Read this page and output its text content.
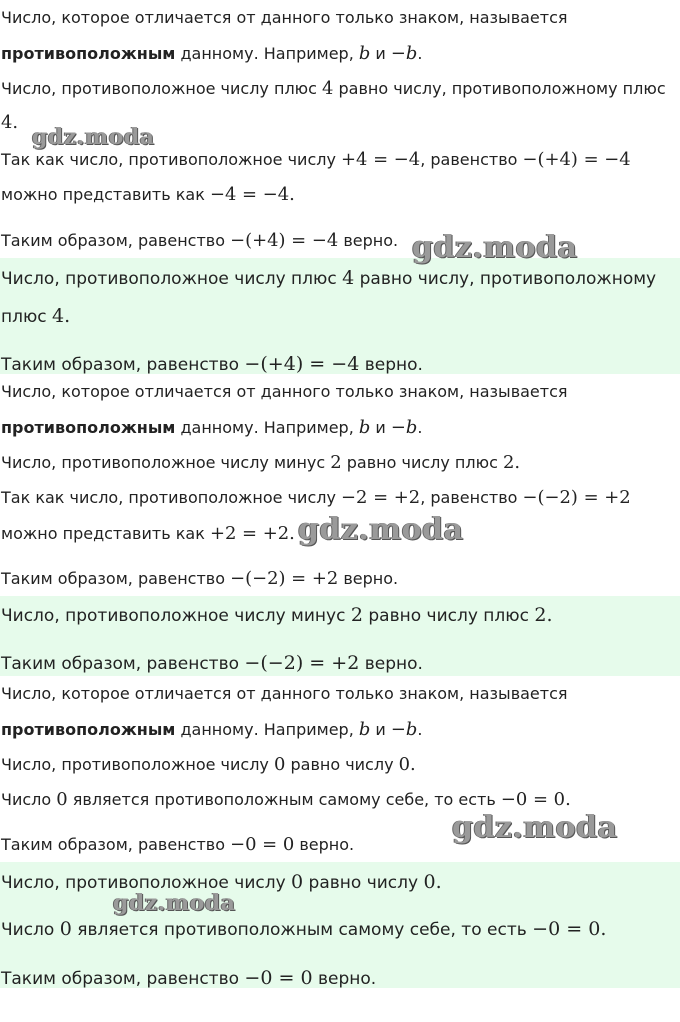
Число, которое отличается от данного только знаком, называется
противоположным данному. Например, b и −b.
Число, противоположное числу плюс 4 равно числу, противоположному плюс
4.
Так как число, противоположное числу +4 = −4, равенство −(+4) = −4
можно представить как −4 = −4.
Таким образом, равенство −(+4) = −4 верно.
Число, противоположное числу плюс 4 равно числу, противоположному
плюс 4.
Таким образом, равенство −(+4) = −4 верно.
Число, которое отличается от данного только знаком, называется
противоположным данному. Например, b и −b.
Число, противоположное числу минус 2 равно числу плюс 2.
Так как число, противоположное числу −2 = +2, равенство −(−2) = +2
можно представить как +2 = +2.
Таким образом, равенство −(−2) = +2 верно.
Число, противоположное числу минус 2 равно числу плюс 2.
Таким образом, равенство −(−2) = +2 верно.
Число, которое отличается от данного только знаком, называется
противоположным данному. Например, b и −b.
Число, противоположное числу 0 равно числу 0.
Число 0 является противоположным самому себе, то есть −0 = 0.
Таким образом, равенство −0 = 0 верно.
Число, противоположное числу 0 равно числу 0.
Число 0 является противоположным самому себе, то есть −0 = 0.
Таким образом, равенство −0 = 0 верно.
gdz.moda
gdz.moda
gdz.moda
gdz.moda
gdz.moda
